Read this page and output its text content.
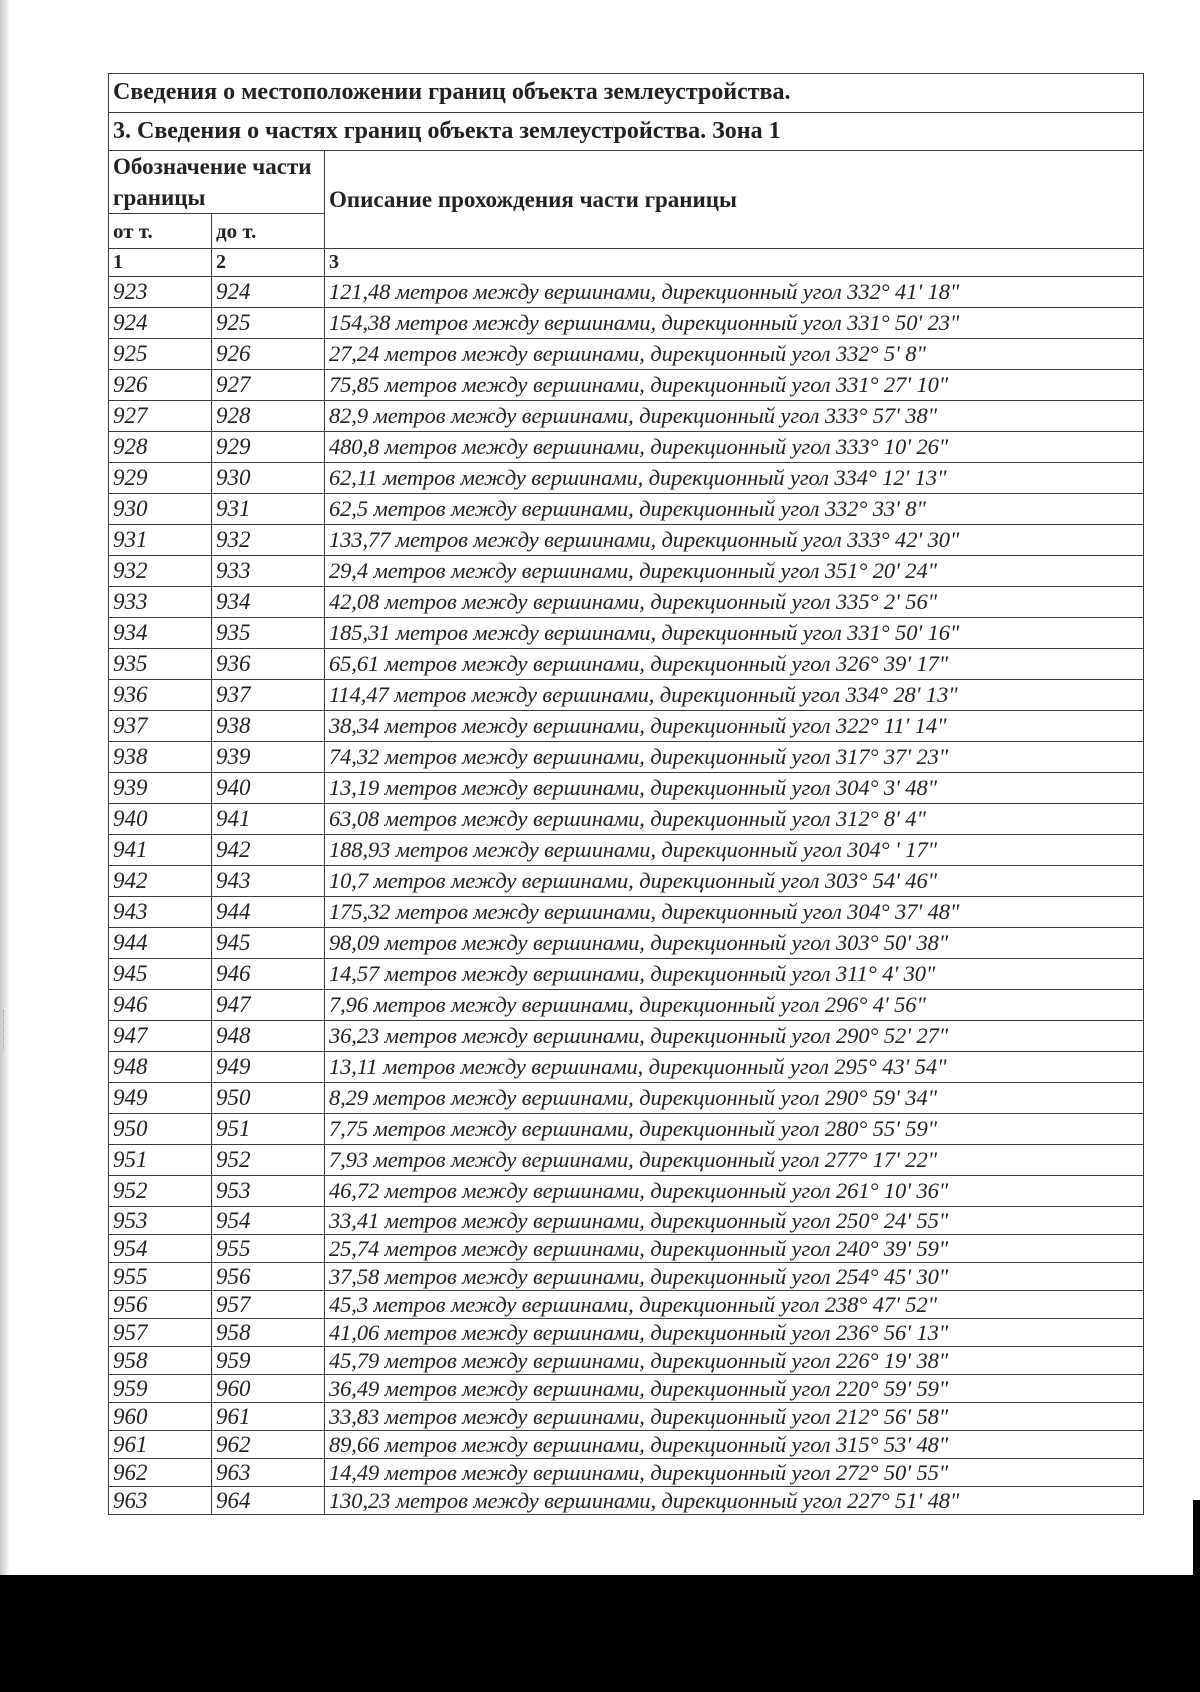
Сведения о местоположении границ объекта землеустройства.		
3. Сведения о частях границ объекта землеустройства. Зона 1		
Обозначение части границы		Описание прохождения части границы
от т.	до т.	
1	2	3
923	924	121,48 метров между вершинами, дирекционный угол 332° 41' 18"
924	925	154,38 метров между вершинами, дирекционный угол 331° 50' 23"
925	926	27,24 метров между вершинами, дирекционный угол 332° 5' 8"
926	927	75,85 метров между вершинами, дирекционный угол 331° 27' 10"
927	928	82,9 метров между вершинами, дирекционный угол 333° 57' 38"
928	929	480,8 метров между вершинами, дирекционный угол 333° 10' 26"
929	930	62,11 метров между вершинами, дирекционный угол 334° 12' 13"
930	931	62,5 метров между вершинами, дирекционный угол 332° 33' 8"
931	932	133,77 метров между вершинами, дирекционный угол 333° 42' 30"
932	933	29,4 метров между вершинами, дирекционный угол 351° 20' 24"
933	934	42,08 метров между вершинами, дирекционный угол 335° 2' 56"
934	935	185,31 метров между вершинами, дирекционный угол 331° 50' 16"
935	936	65,61 метров между вершинами, дирекционный угол 326° 39' 17"
936	937	114,47 метров между вершинами, дирекционный угол 334° 28' 13"
937	938	38,34 метров между вершинами, дирекционный угол 322° 11' 14"
938	939	74,32 метров между вершинами, дирекционный угол 317° 37' 23"
939	940	13,19 метров между вершинами, дирекционный угол 304° 3' 48"
940	941	63,08 метров между вершинами, дирекционный угол 312° 8' 4"
941	942	188,93 метров между вершинами, дирекционный угол 304° ' 17"
942	943	10,7 метров между вершинами, дирекционный угол 303° 54' 46"
943	944	175,32 метров между вершинами, дирекционный угол 304° 37' 48"
944	945	98,09 метров между вершинами, дирекционный угол 303° 50' 38"
945	946	14,57 метров между вершинами, дирекционный угол 311° 4' 30"
946	947	7,96 метров между вершинами, дирекционный угол 296° 4' 56"
947	948	36,23 метров между вершинами, дирекционный угол 290° 52' 27"
948	949	13,11 метров между вершинами, дирекционный угол 295° 43' 54"
949	950	8,29 метров между вершинами, дирекционный угол 290° 59' 34"
950	951	7,75 метров между вершинами, дирекционный угол 280° 55' 59"
951	952	7,93 метров между вершинами, дирекционный угол 277° 17' 22"
952	953	46,72 метров между вершинами, дирекционный угол 261° 10' 36"
953	954	33,41 метров между вершинами, дирекционный угол 250° 24' 55"
954	955	25,74 метров между вершинами, дирекционный угол 240° 39' 59"
955	956	37,58 метров между вершинами, дирекционный угол 254° 45' 30"
956	957	45,3 метров между вершинами, дирекционный угол 238° 47' 52"
957	958	41,06 метров между вершинами, дирекционный угол 236° 56' 13"
958	959	45,79 метров между вершинами, дирекционный угол 226° 19' 38"
959	960	36,49 метров между вершинами, дирекционный угол 220° 59' 59"
960	961	33,83 метров между вершинами, дирекционный угол 212° 56' 58"
961	962	89,66 метров между вершинами, дирекционный угол 315° 53' 48"
962	963	14,49 метров между вершинами, дирекционный угол 272° 50' 55"
963	964	130,23 метров между вершинами, дирекционный угол 227° 51' 48"
